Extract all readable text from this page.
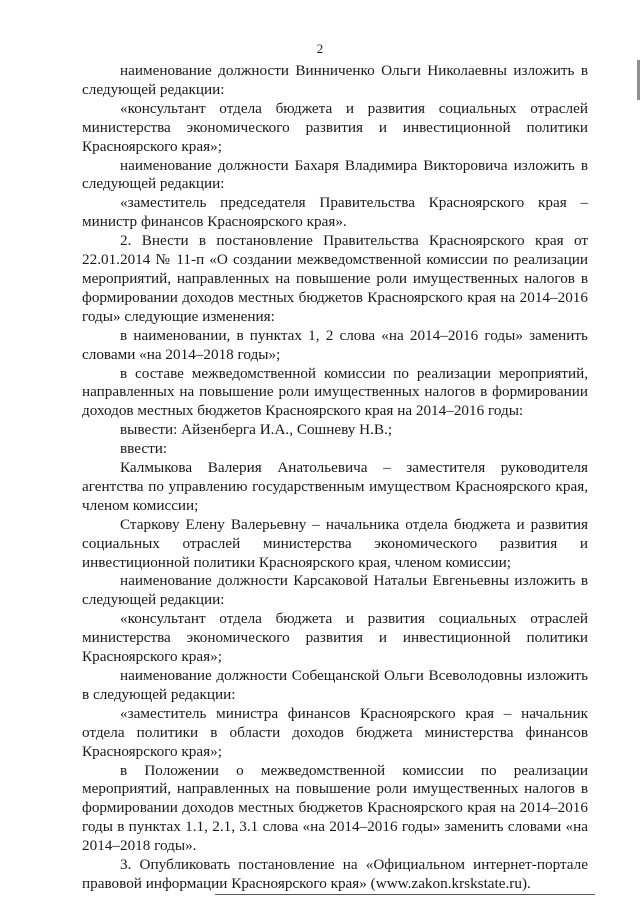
2

наименование должности Винниченко Ольги Николаевны изложить в следующей редакции:

«консультант отдела бюджета и развития социальных отраслей министерства экономического развития и инвестиционной политики Красноярского края»;

наименование должности Бахаря Владимира Викторовича изложить в следующей редакции:

«заместитель председателя Правительства Красноярского края – министр финансов Красноярского края».

2. Внести в постановление Правительства Красноярского края от 22.01.2014 № 11-п «О создании межведомственной комиссии по реализации мероприятий, направленных на повышение роли имущественных налогов в формировании доходов местных бюджетов Красноярского края на 2014–2016 годы» следующие изменения:

в наименовании, в пунктах 1, 2 слова «на 2014–2016 годы» заменить словами «на 2014–2018 годы»;

в составе межведомственной комиссии по реализации мероприятий, направленных на повышение роли имущественных налогов в формировании доходов местных бюджетов Красноярского края на 2014–2016 годы:

вывести: Айзенберга И.А., Сошневу Н.В.;

ввести:

Калмыкова Валерия Анатольевича – заместителя руководителя агентства по управлению государственным имуществом Красноярского края, членом комиссии;

Старкову Елену Валерьевну – начальника отдела бюджета и развития социальных отраслей министерства экономического развития и инвестиционной политики Красноярского края, членом комиссии;

наименование должности Карсаковой Натальи Евгеньевны изложить в следующей редакции:

«консультант отдела бюджета и развития социальных отраслей министерства экономического развития и инвестиционной политики Красноярского края»;

наименование должности Собещанской Ольги Всеволодовны изложить в следующей редакции:

«заместитель министра финансов Красноярского края – начальник отдела политики в области доходов бюджета министерства финансов Красноярского края»;

в Положении о межведомственной комиссии по реализации мероприятий, направленных на повышение роли имущественных налогов в формировании доходов местных бюджетов Красноярского края на 2014–2016 годы в пунктах 1.1, 2.1, 3.1 слова «на 2014–2016 годы» заменить словами «на 2014–2018 годы».

3. Опубликовать постановление на «Официальном интернет-портале правовой информации Красноярского края» (www.zakon.krskstate.ru).
